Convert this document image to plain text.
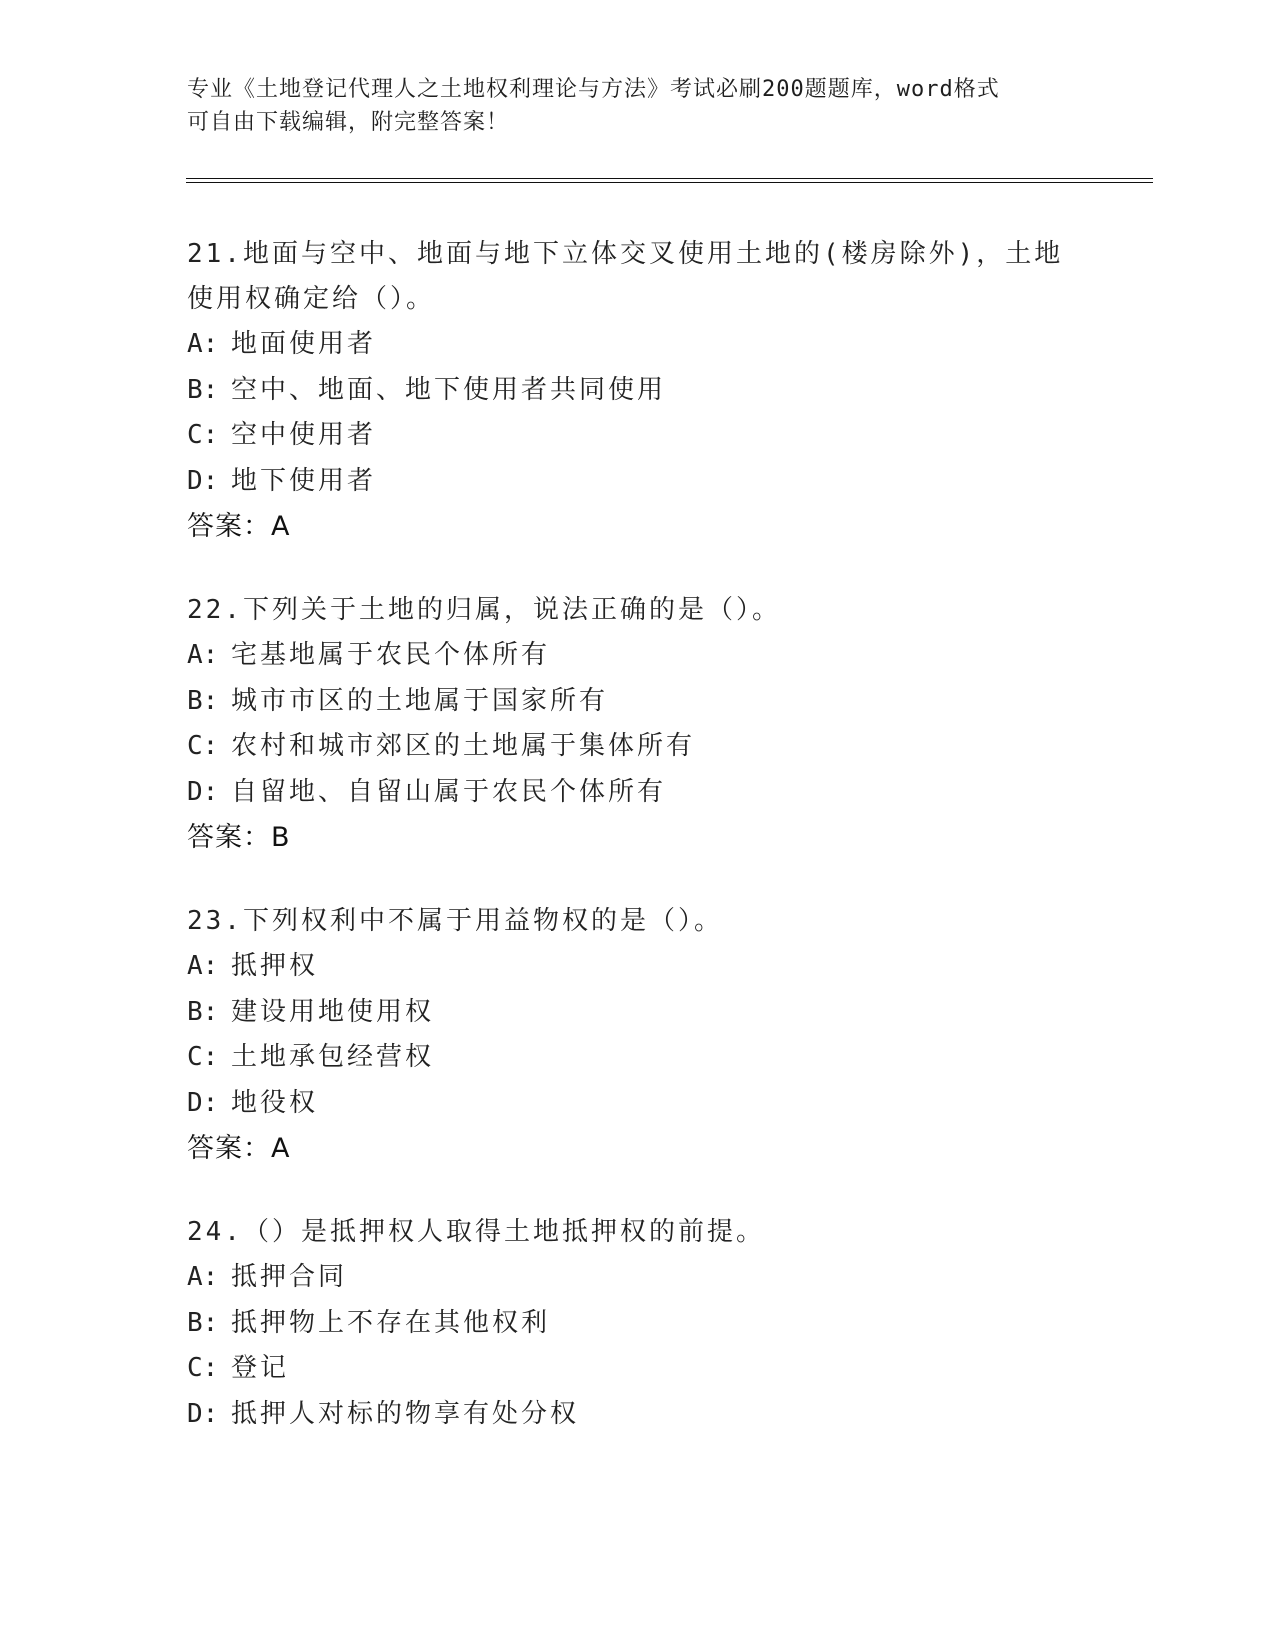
专业《土地登记代理人之土地权利理论与方法》考试必刷200题题库，word格式
可自由下载编辑，附完整答案！
21.地面与空中、地面与地下立体交叉使用土地的(楼房除外)，土地使用权确定给（）。
A: 地面使用者
B: 空中、地面、地下使用者共同使用
C: 空中使用者
D: 地下使用者
答案：A
22.下列关于土地的归属，说法正确的是（）。
A: 宅基地属于农民个体所有
B: 城市市区的土地属于国家所有
C: 农村和城市郊区的土地属于集体所有
D: 自留地、自留山属于农民个体所有
答案：B
23.下列权利中不属于用益物权的是（）。
A: 抵押权
B: 建设用地使用权
C: 土地承包经营权
D: 地役权
答案：A
24.（）是抵押权人取得土地抵押权的前提。
A: 抵押合同
B: 抵押物上不存在其他权利
C: 登记
D: 抵押人对标的物享有处分权
